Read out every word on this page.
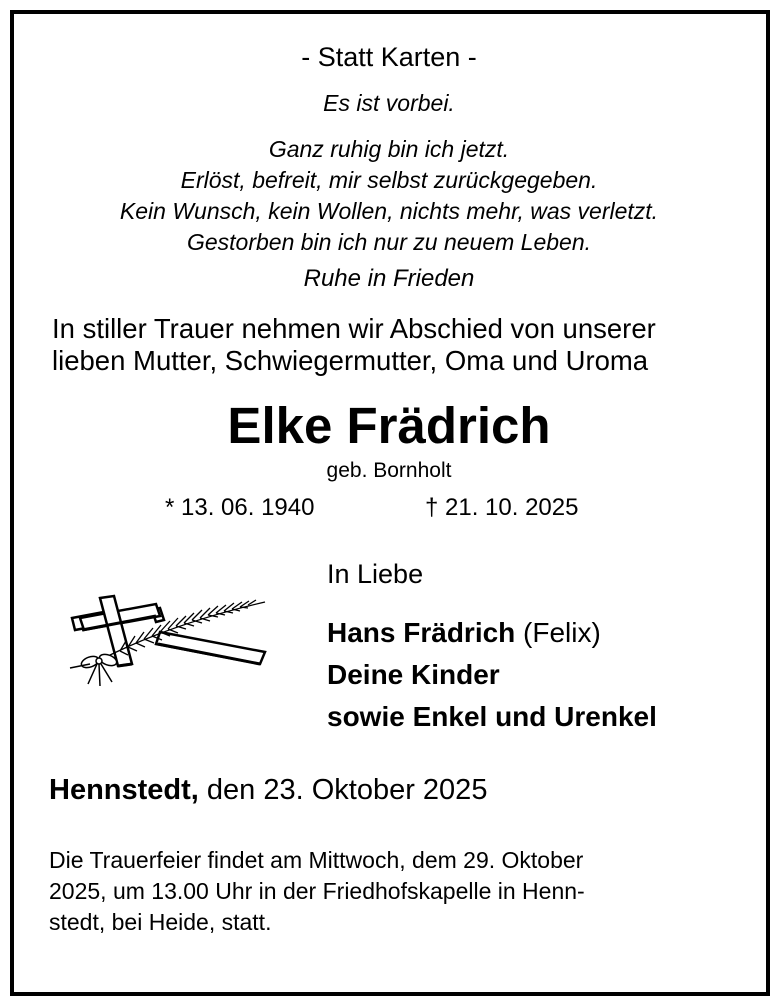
- Statt Karten -
Es ist vorbei.
Ganz ruhig bin ich jetzt.
Erlöst, befreit, mir selbst zurückgegeben.
Kein Wunsch, kein Wollen, nichts mehr, was verletzt.
Gestorben bin ich nur zu neuem Leben.
Ruhe in Frieden
In stiller Trauer nehmen wir Abschied von unserer
lieben Mutter, Schwiegermutter, Oma und Uroma
Elke Frädrich
geb. Bornholt
* 13. 06. 1940	† 21. 10. 2025
In Liebe
Hans Frädrich (Felix)
Deine Kinder
sowie Enkel und Urenkel
Hennstedt, den 23. Oktober 2025
Die Trauerfeier findet am Mittwoch, dem 29. Oktober
2025, um 13.00 Uhr in der Friedhofskapelle in Henn-
stedt, bei Heide, statt.
